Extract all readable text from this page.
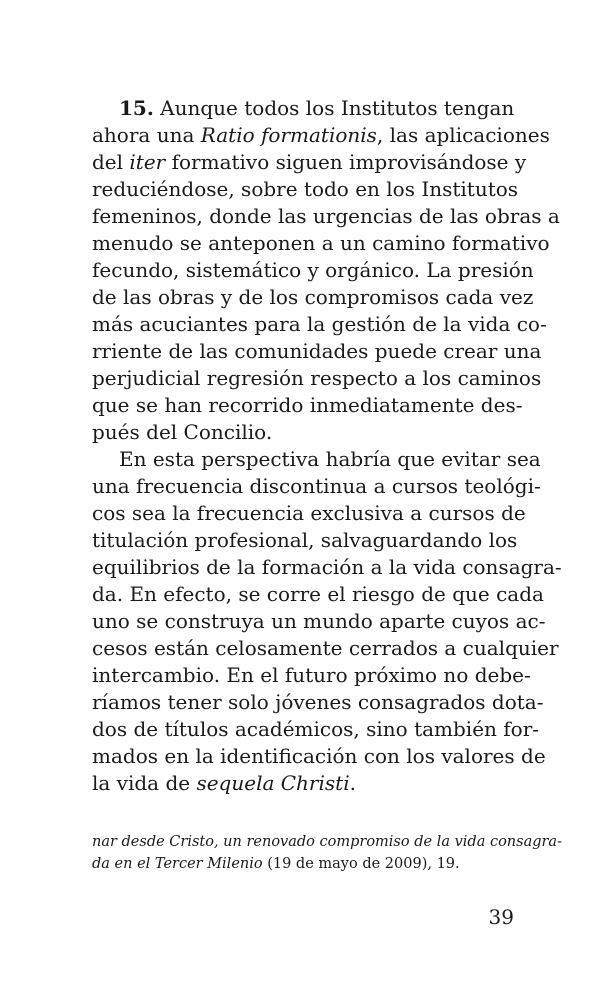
15. Aunque todos los Institutos tengan
ahora una Ratio formationis, las aplicaciones
del iter formativo siguen improvisándose y
reduciéndose, sobre todo en los Institutos
femeninos, donde las urgencias de las obras a
menudo se anteponen a un camino formativo
fecundo, sistemático y orgánico. La presión
de las obras y de los compromisos cada vez
más acuciantes para la gestión de la vida co-
rriente de las comunidades puede crear una
perjudicial regresión respecto a los caminos
que se han recorrido inmediatamente des-
pués del Concilio.
En esta perspectiva habría que evitar sea
una frecuencia discontinua a cursos teológi-
cos sea la frecuencia exclusiva a cursos de
titulación profesional, salvaguardando los
equilibrios de la formación a la vida consagra-
da. En efecto, se corre el riesgo de que cada
uno se construya un mundo aparte cuyos ac-
cesos están celosamente cerrados a cualquier
intercambio. En el futuro próximo no debe-
ríamos tener solo jóvenes consagrados dota-
dos de títulos académicos, sino también for-
mados en la identificación con los valores de
la vida de sequela Christi.
nar desde Cristo, un renovado compromiso de la vida consagra-
da en el Tercer Milenio (19 de mayo de 2009), 19.
39
